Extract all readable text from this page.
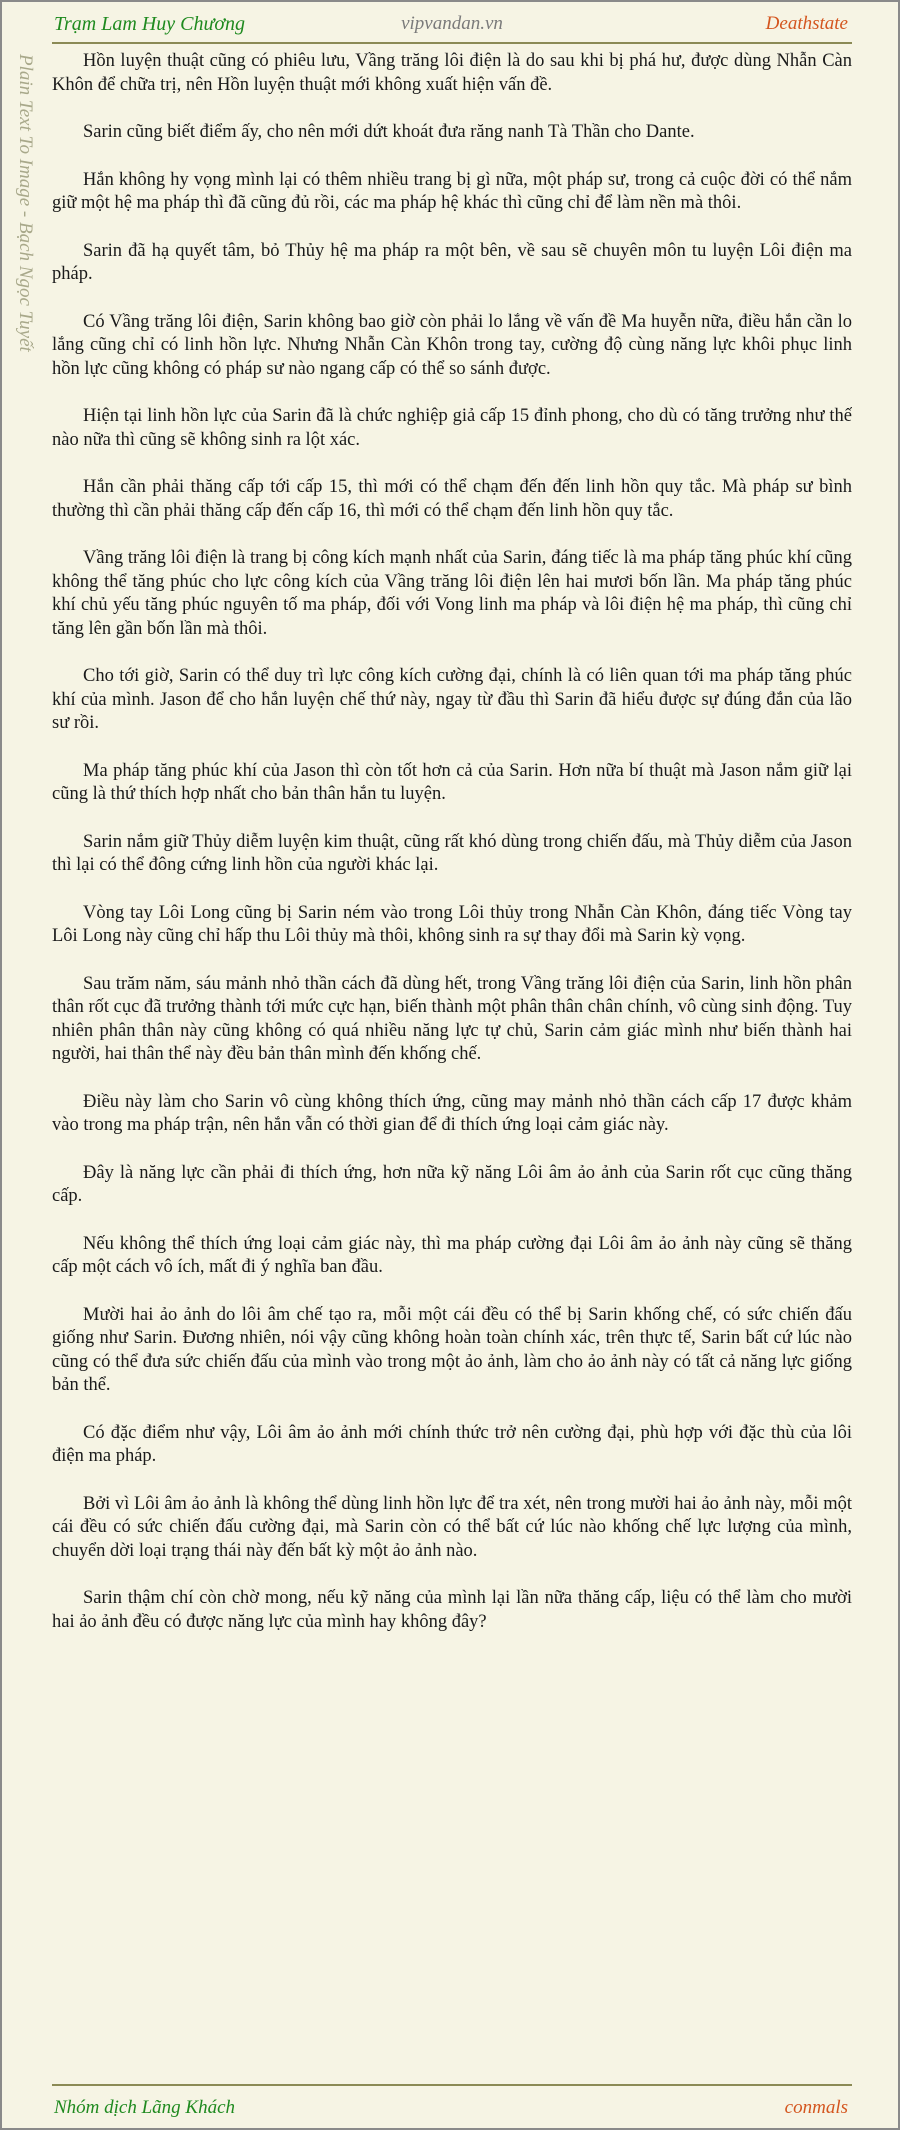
Trạm Lam Huy Chương	vipvandan.vn	Deathstate
Plain Text To Image - Bạch Ngọc Tuyết	Hồn luyện thuật cũng có phiêu lưu, Vầng trăng lôi điện là do sau khi bị phá hư, được dùng Nhẫn Càn Khôn để chữa trị, nên Hồn luyện thuật mới không xuất hiện vấn đề.

Sarin cũng biết điểm ấy, cho nên mới dứt khoát đưa răng nanh Tà Thần cho Dante.

Hắn không hy vọng mình lại có thêm nhiều trang bị gì nữa, một pháp sư, trong cả cuộc đời có thể nắm giữ một hệ ma pháp thì đã cũng đủ rồi, các ma pháp hệ khác thì cũng chỉ để làm nền mà thôi.

Sarin đã hạ quyết tâm, bỏ Thủy hệ ma pháp ra một bên, về sau sẽ chuyên môn tu luyện Lôi điện ma pháp.

Có Vầng trăng lôi điện, Sarin không bao giờ còn phải lo lắng về vấn đề Ma huyễn nữa, điều hắn cần lo lắng cũng chỉ có linh hồn lực. Nhưng Nhẫn Càn Khôn trong tay, cường độ cùng năng lực khôi phục linh hồn lực cũng không có pháp sư nào ngang cấp có thể so sánh được.

Hiện tại linh hồn lực của Sarin đã là chức nghiệp giả cấp 15 đỉnh phong, cho dù có tăng trưởng như thế nào nữa thì cũng sẽ không sinh ra lột xác.

Hắn cần phải thăng cấp tới cấp 15, thì mới có thể chạm đến đến linh hồn quy tắc. Mà pháp sư bình thường thì cần phải thăng cấp đến cấp 16, thì mới có thể chạm đến linh hồn quy tắc.

Vầng trăng lôi điện là trang bị công kích mạnh nhất của Sarin, đáng tiếc là ma pháp tăng phúc khí cũng không thể tăng phúc cho lực công kích của Vầng trăng lôi điện lên hai mươi bốn lần. Ma pháp tăng phúc khí chủ yếu tăng phúc nguyên tố ma pháp, đối với Vong linh ma pháp và lôi điện hệ ma pháp, thì cũng chỉ tăng lên gần bốn lần mà thôi.

Cho tới giờ, Sarin có thể duy trì lực công kích cường đại, chính là có liên quan tới ma pháp tăng phúc khí của mình. Jason để cho hắn luyện chế thứ này, ngay từ đầu thì Sarin đã hiểu được sự đúng đắn của lão sư rồi.

Ma pháp tăng phúc khí của Jason thì còn tốt hơn cả của Sarin. Hơn nữa bí thuật mà Jason nắm giữ lại cũng là thứ thích hợp nhất cho bản thân hắn tu luyện.

Sarin nắm giữ Thủy diễm luyện kim thuật, cũng rất khó dùng trong chiến đấu, mà Thủy diễm của Jason thì lại có thể đông cứng linh hồn của người khác lại.

Vòng tay Lôi Long cũng bị Sarin ném vào trong Lôi thủy trong Nhẫn Càn Khôn, đáng tiếc Vòng tay Lôi Long này cũng chỉ hấp thu Lôi thủy mà thôi, không sinh ra sự thay đổi mà Sarin kỳ vọng.

Sau trăm năm, sáu mảnh nhỏ thần cách đã dùng hết, trong Vầng trăng lôi điện của Sarin, linh hồn phân thân rốt cục đã trưởng thành tới mức cực hạn, biến thành một phân thân chân chính, vô cùng sinh động. Tuy nhiên phân thân này cũng không có quá nhiều năng lực tự chủ, Sarin cảm giác mình như biến thành hai người, hai thân thể này đều bản thân mình đến khống chế.

Điều này làm cho Sarin vô cùng không thích ứng, cũng may mảnh nhỏ thần cách cấp 17 được khảm vào trong ma pháp trận, nên hắn vẫn có thời gian để đi thích ứng loại cảm giác này.

Đây là năng lực cần phải đi thích ứng, hơn nữa kỹ năng Lôi âm ảo ảnh của Sarin rốt cục cũng thăng cấp.

Nếu không thể thích ứng loại cảm giác này, thì ma pháp cường đại Lôi âm ảo ảnh này cũng sẽ thăng cấp một cách vô ích, mất đi ý nghĩa ban đầu.

Mười hai ảo ảnh do lôi âm chế tạo ra, mỗi một cái đều có thể bị Sarin khống chế, có sức chiến đấu giống như Sarin. Đương nhiên, nói vậy cũng không hoàn toàn chính xác, trên thực tế, Sarin bất cứ lúc nào cũng có thể đưa sức chiến đấu của mình vào trong một ảo ảnh, làm cho ảo ảnh này có tất cả năng lực giống bản thể.

Có đặc điểm như vậy, Lôi âm ảo ảnh mới chính thức trở nên cường đại, phù hợp với đặc thù của lôi điện ma pháp.

Bởi vì Lôi âm ảo ảnh là không thể dùng linh hồn lực để tra xét, nên trong mười hai ảo ảnh này, mỗi một cái đều có sức chiến đấu cường đại, mà Sarin còn có thể bất cứ lúc nào khống chế lực lượng của mình, chuyển dời loại trạng thái này đến bất kỳ một ảo ảnh nào.

Sarin thậm chí còn chờ mong, nếu kỹ năng của mình lại lần nữa thăng cấp, liệu có thể làm cho mười hai ảo ảnh đều có được năng lực của mình hay không đây?

Nhóm dịch Lãng Khách	conmals
